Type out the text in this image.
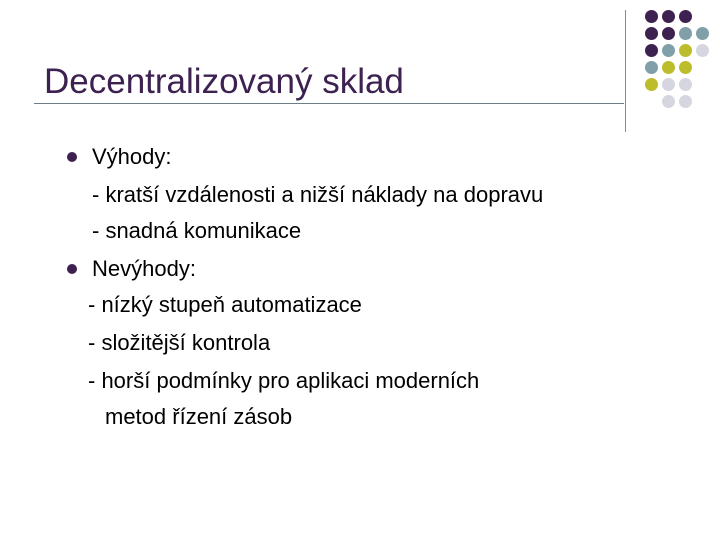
Decentralizovaný sklad
Výhody:
- kratší vzdálenosti a nižší náklady na dopravu
- snadná komunikace
Nevýhody:
- nízký stupeň automatizace
- složitější kontrola
- horší podmínky pro aplikaci moderních
metod řízení zásob
